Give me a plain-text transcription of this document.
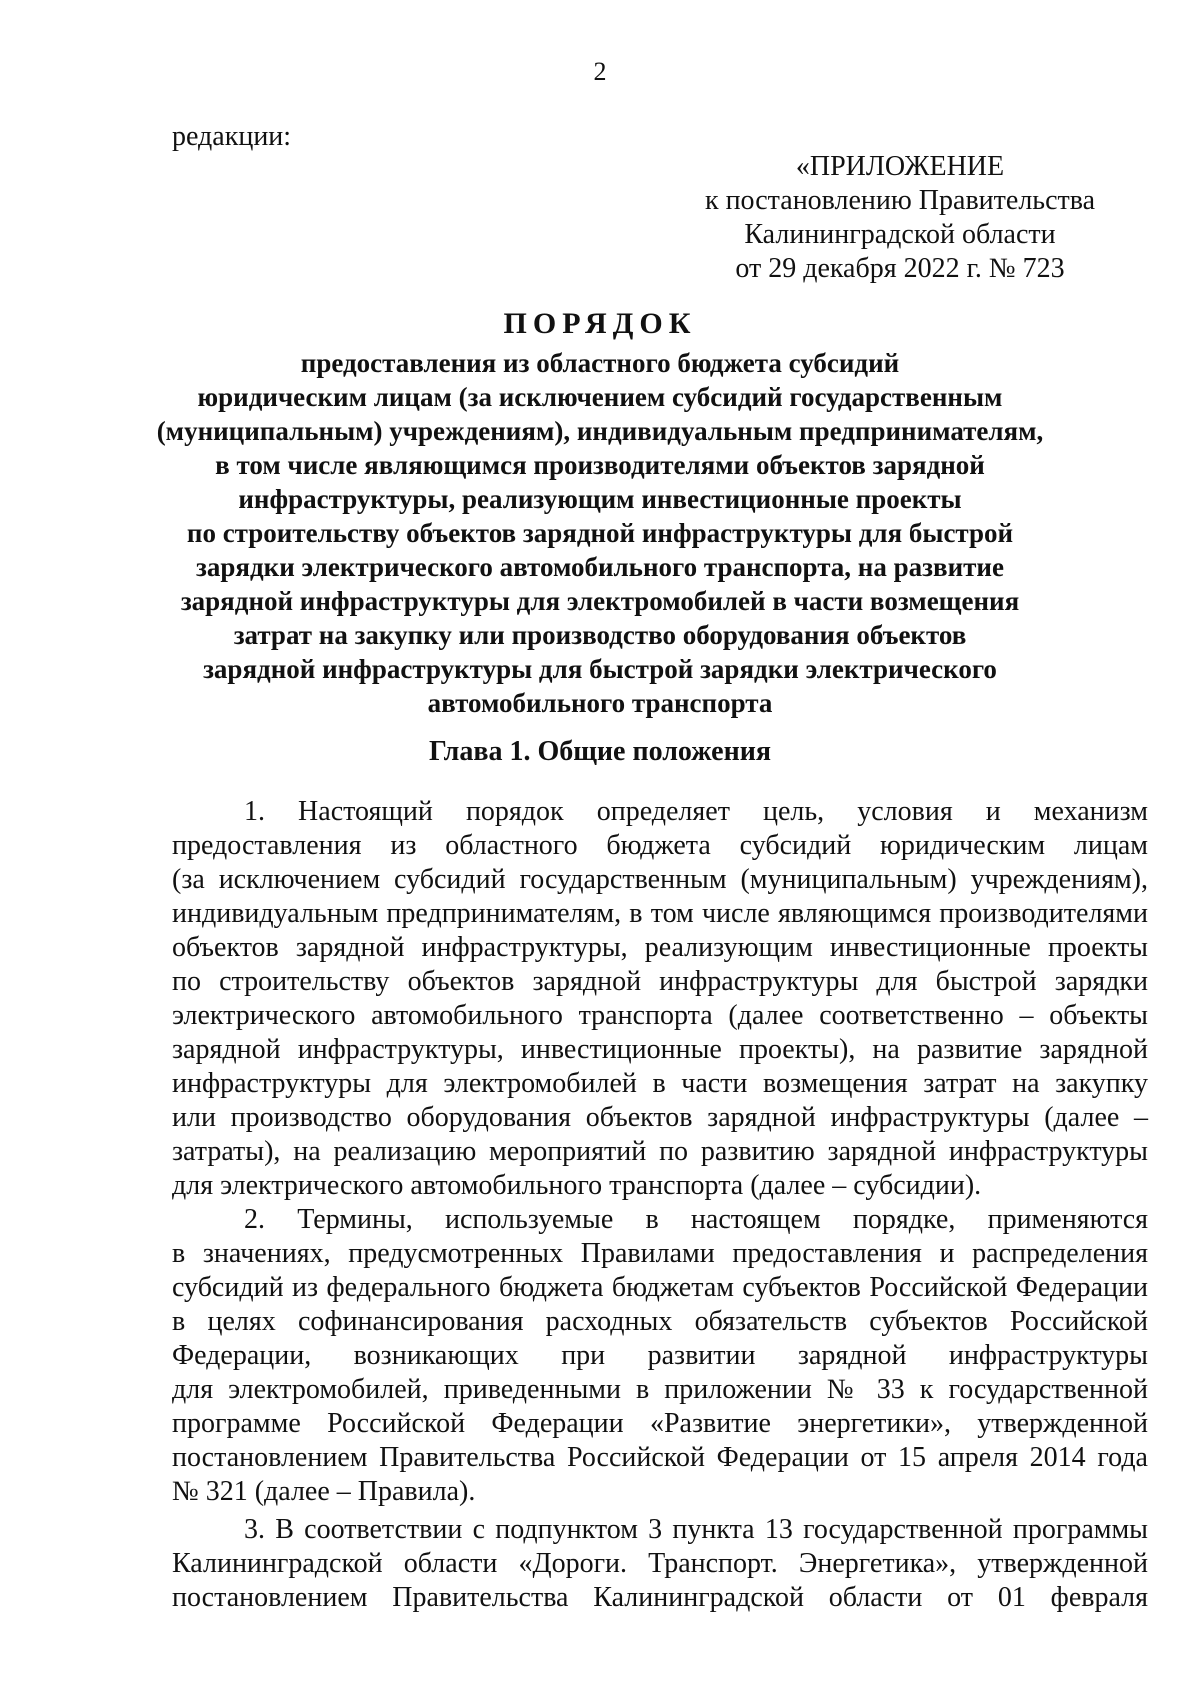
2
редакции:
«ПРИЛОЖЕНИЕ
к постановлению Правительства
Калининградской области
от 29 декабря 2022 г. № 723
ПОРЯДОК
предоставления из областного бюджета субсидий
юридическим лицам (за исключением субсидий государственным
(муниципальным) учреждениям), индивидуальным предпринимателям,
в том числе являющимся производителями объектов зарядной
инфраструктуры, реализующим инвестиционные проекты
по строительству объектов зарядной инфраструктуры для быстрой
зарядки электрического автомобильного транспорта, на развитие
зарядной инфраструктуры для электромобилей в части возмещения
затрат на закупку или производство оборудования объектов
зарядной инфраструктуры для быстрой зарядки электрического
автомобильного транспорта
Глава 1. Общие положения
1. Настоящий порядок определяет цель, условия и механизм
предоставления из областного бюджета субсидий юридическим лицам
(за исключением субсидий государственным (муниципальным) учреждениям),
индивидуальным предпринимателям, в том числе являющимся производителями
объектов зарядной инфраструктуры, реализующим инвестиционные проекты
по строительству объектов зарядной инфраструктуры для быстрой зарядки
электрического автомобильного транспорта (далее соответственно – объекты
зарядной инфраструктуры, инвестиционные проекты), на развитие зарядной
инфраструктуры для электромобилей в части возмещения затрат на закупку
или производство оборудования объектов зарядной инфраструктуры (далее –
затраты), на реализацию мероприятий по развитию зарядной инфраструктуры
для электрического автомобильного транспорта (далее – субсидии).
2. Термины, используемые в настоящем порядке, применяются
в значениях, предусмотренных Правилами предоставления и распределения
субсидий из федерального бюджета бюджетам субъектов Российской Федерации
в целях софинансирования расходных обязательств субъектов Российской
Федерации, возникающих при развитии зарядной инфраструктуры
для электромобилей, приведенными в приложении № 33 к государственной
программе Российской Федерации «Развитие энергетики», утвержденной
постановлением Правительства Российской Федерации от 15 апреля 2014 года
№ 321 (далее – Правила).
3. В соответствии с подпунктом 3 пункта 13 государственной программы
Калининградской области «Дороги. Транспорт. Энергетика», утвержденной
постановлением Правительства Калининградской области от 01 февраля
